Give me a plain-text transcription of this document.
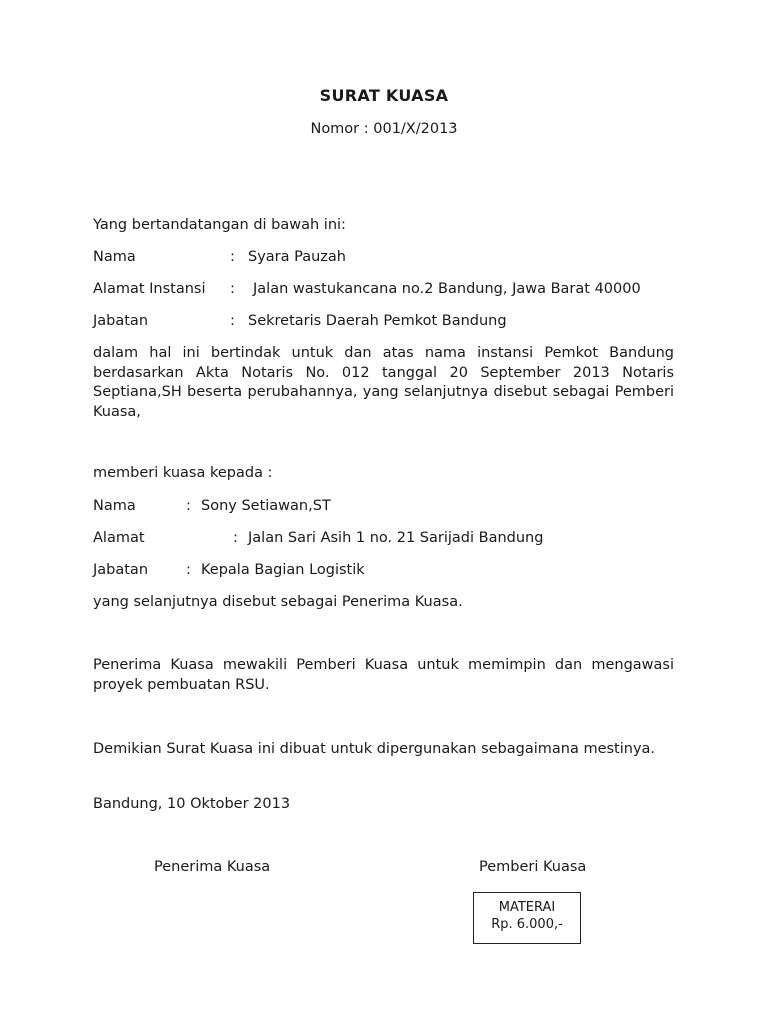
SURAT KUASA
Nomor : 001/X/2013
Yang bertandatangan di bawah ini:
Nama	: Syara Pauzah
Alamat Instansi : Jalan wastukancana no.2 Bandung, Jawa Barat 40000
Jabatan	: Sekretaris Daerah Pemkot Bandung
dalam hal ini bertindak untuk dan atas nama instansi Pemkot Bandung berdasarkan Akta Notaris No. 012 tanggal 20 September 2013 Notaris Septiana,SH beserta perubahannya, yang selanjutnya disebut sebagai Pemberi Kuasa,
memberi kuasa kepada :
Nama	: Sony Setiawan,ST
Alamat	: Jalan Sari Asih 1 no. 21 Sarijadi Bandung
Jabatan	: Kepala Bagian Logistik
yang selanjutnya disebut sebagai Penerima Kuasa.
Penerima Kuasa mewakili Pemberi Kuasa untuk memimpin dan mengawasi proyek pembuatan RSU.
Demikian Surat Kuasa ini dibuat untuk dipergunakan sebagaimana mestinya.
Bandung, 10 Oktober 2013
Penerima Kuasa	Pemberi Kuasa
MATERAI
Rp. 6.000,-
